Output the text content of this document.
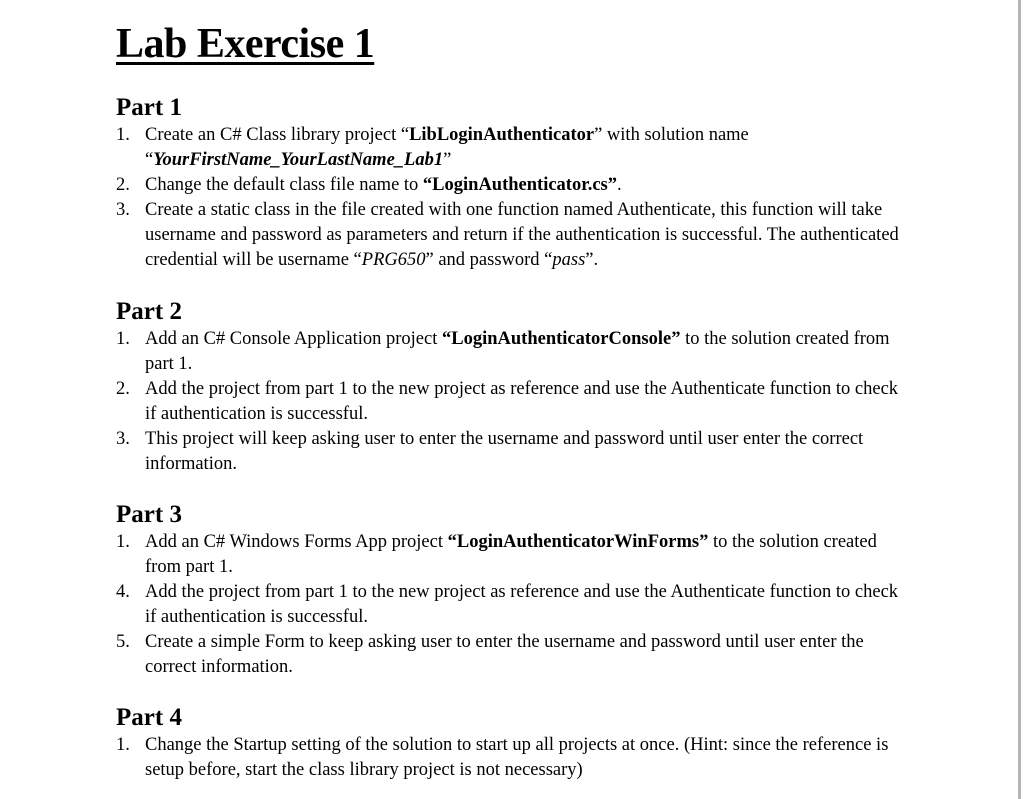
Lab Exercise 1
Part 1
1. Create an C# Class library project “LibLoginAuthenticator” with solution name
“YourFirstName_YourLastName_Lab1”
2. Change the default class file name to “LoginAuthenticator.cs”.
3. Create a static class in the file created with one function named Authenticate, this function will take username and password as parameters and return if the authentication is successful. The authenticated credential will be username “PRG650” and password “pass”.
Part 2
1. Add an C# Console Application project “LoginAuthenticatorConsole” to the solution created from part 1.
2. Add the project from part 1 to the new project as reference and use the Authenticate function to check if authentication is successful.
3. This project will keep asking user to enter the username and password until user enter the correct information.
Part 3
1. Add an C# Windows Forms App project “LoginAuthenticatorWinForms” to the solution created from part 1.
4. Add the project from part 1 to the new project as reference and use the Authenticate function to check if authentication is successful.
5. Create a simple Form to keep asking user to enter the username and password until user enter the correct information.
Part 4
1. Change the Startup setting of the solution to start up all projects at once. (Hint: since the reference is setup before, start the class library project is not necessary)
